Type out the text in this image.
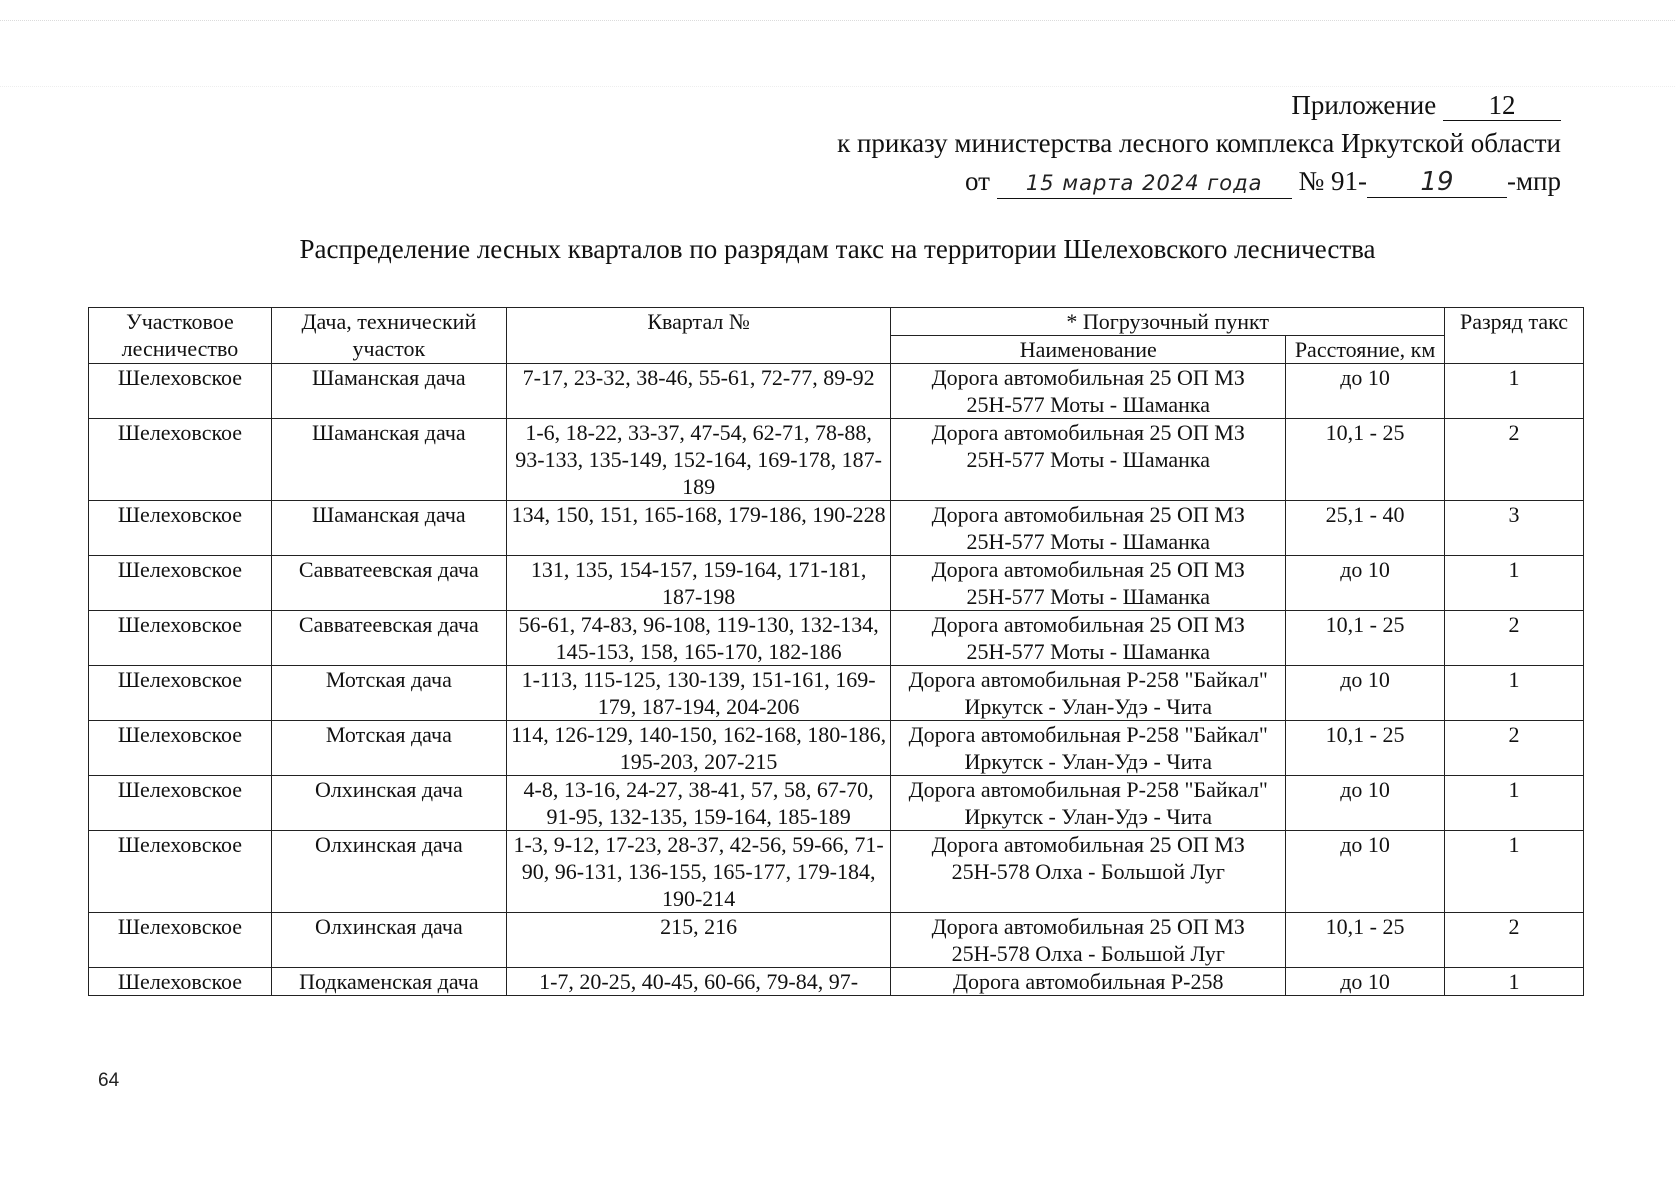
Приложение 12
к приказу министерства лесного комплекса Иркутской области
от 15 марта 2024 года № 91- 19 -мпр
Распределение лесных кварталов по разрядам такс на территории Шелеховского лесничества
Участковое лесничество	Дача, технический участок	Квартал №	* Погрузочный пункт		Разряд такс
			Наименование	Расстояние, км	
Шелеховское	Шаманская дача	7-17, 23-32, 38-46, 55-61, 72-77, 89-92	Дорога автомобильная 25 ОП МЗ 25Н-577 Моты - Шаманка	до 10	1
Шелеховское	Шаманская дача	1-6, 18-22, 33-37, 47-54, 62-71, 78-88, 93-133, 135-149, 152-164, 169-178, 187-189	Дорога автомобильная 25 ОП МЗ 25Н-577 Моты - Шаманка	10,1 - 25	2
Шелеховское	Шаманская дача	134, 150, 151, 165-168, 179-186, 190-228	Дорога автомобильная 25 ОП МЗ 25Н-577 Моты - Шаманка	25,1 - 40	3
Шелеховское	Савватеевская дача	131, 135, 154-157, 159-164, 171-181, 187-198	Дорога автомобильная 25 ОП МЗ 25Н-577 Моты - Шаманка	до 10	1
Шелеховское	Савватеевская дача	56-61, 74-83, 96-108, 119-130, 132-134, 145-153, 158, 165-170, 182-186	Дорога автомобильная 25 ОП МЗ 25Н-577 Моты - Шаманка	10,1 - 25	2
Шелеховское	Мотская дача	1-113, 115-125, 130-139, 151-161, 169-179, 187-194, 204-206	Дорога автомобильная Р-258 "Байкал" Иркутск - Улан-Удэ - Чита	до 10	1
Шелеховское	Мотская дача	114, 126-129, 140-150, 162-168, 180-186, 195-203, 207-215	Дорога автомобильная Р-258 "Байкал" Иркутск - Улан-Удэ - Чита	10,1 - 25	2
Шелеховское	Олхинская дача	4-8, 13-16, 24-27, 38-41, 57, 58, 67-70, 91-95, 132-135, 159-164, 185-189	Дорога автомобильная Р-258 "Байкал" Иркутск - Улан-Удэ - Чита	до 10	1
Шелеховское	Олхинская дача	1-3, 9-12, 17-23, 28-37, 42-56, 59-66, 71-90, 96-131, 136-155, 165-177, 179-184, 190-214	Дорога автомобильная 25 ОП МЗ 25Н-578 Олха - Большой Луг	до 10	1
Шелеховское	Олхинская дача	215, 216	Дорога автомобильная 25 ОП МЗ 25Н-578 Олха - Большой Луг	10,1 - 25	2
Шелеховское	Подкаменская дача	1-7, 20-25, 40-45, 60-66, 79-84, 97-	Дорога автомобильная Р-258	до 10	1
64
